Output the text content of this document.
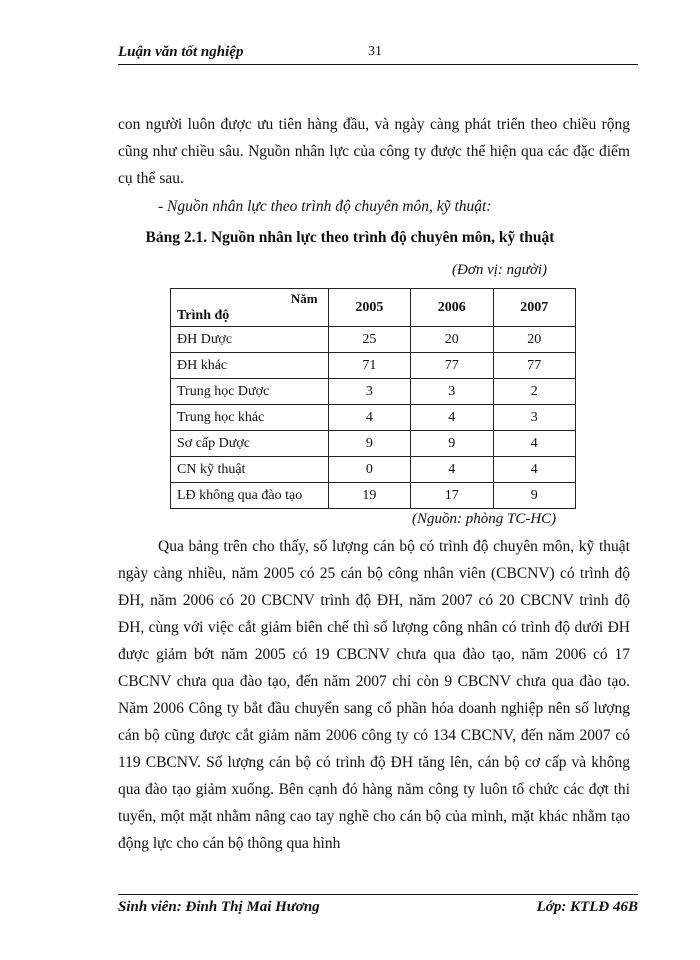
Luận văn tốt nghiệp	31
con người luôn được ưu tiên hàng đầu, và ngày càng phát triển theo chiều rộng cũng như chiều sâu. Nguồn nhân lực của công ty được thể hiện qua các đặc điểm cụ thể sau.
- Nguồn nhân lực theo trình độ chuyên môn, kỹ thuật:
Bảng 2.1. Nguồn nhân lực theo trình độ chuyên môn, kỹ thuật
(Đơn vị: người)
Năm
Trình độ	2005	2006	2007
ĐH Dược	25	20	20
ĐH khác	71	77	77
Trung học Dược	3	3	2
Trung học khác	4	4	3
Sơ cấp Dược	9	9	4
CN kỹ thuật	0	4	4
LĐ không qua đào tạo	19	17	9
(Nguồn: phòng TC-HC)
Qua bảng trên cho thấy, số lượng cán bộ có trình độ chuyên môn, kỹ thuật ngày càng nhiều, năm 2005 có 25 cán bộ công nhân viên (CBCNV) có trình độ ĐH, năm 2006 có 20 CBCNV trình độ ĐH, năm 2007 có 20 CBCNV trình độ ĐH, cùng với việc cắt giảm biên chế thì số lượng công nhân có trình độ dưới ĐH được giảm bớt năm 2005 có 19 CBCNV chưa qua đào tạo, năm 2006 có 17 CBCNV chưa qua đào tạo, đến năm 2007 chỉ còn 9 CBCNV chưa qua đào tạo. Năm 2006 Công ty bắt đầu chuyển sang cổ phần hóa doanh nghiệp nên số lượng cán bộ cũng được cắt giảm năm 2006 công ty có 134 CBCNV, đến năm 2007 có 119 CBCNV. Số lượng cán bộ có trình độ ĐH tăng lên, cán bộ cơ cấp và không qua đào tạo giảm xuống. Bên cạnh đó hàng năm công ty luôn tổ chức các đợt thi tuyển, một mặt nhằm nâng cao tay nghề cho cán bộ của mình, mặt khác nhằm tạo động lực cho cán bộ thông qua hình
Sinh viên: Đinh Thị Mai Hương	Lớp: KTLĐ 46B
